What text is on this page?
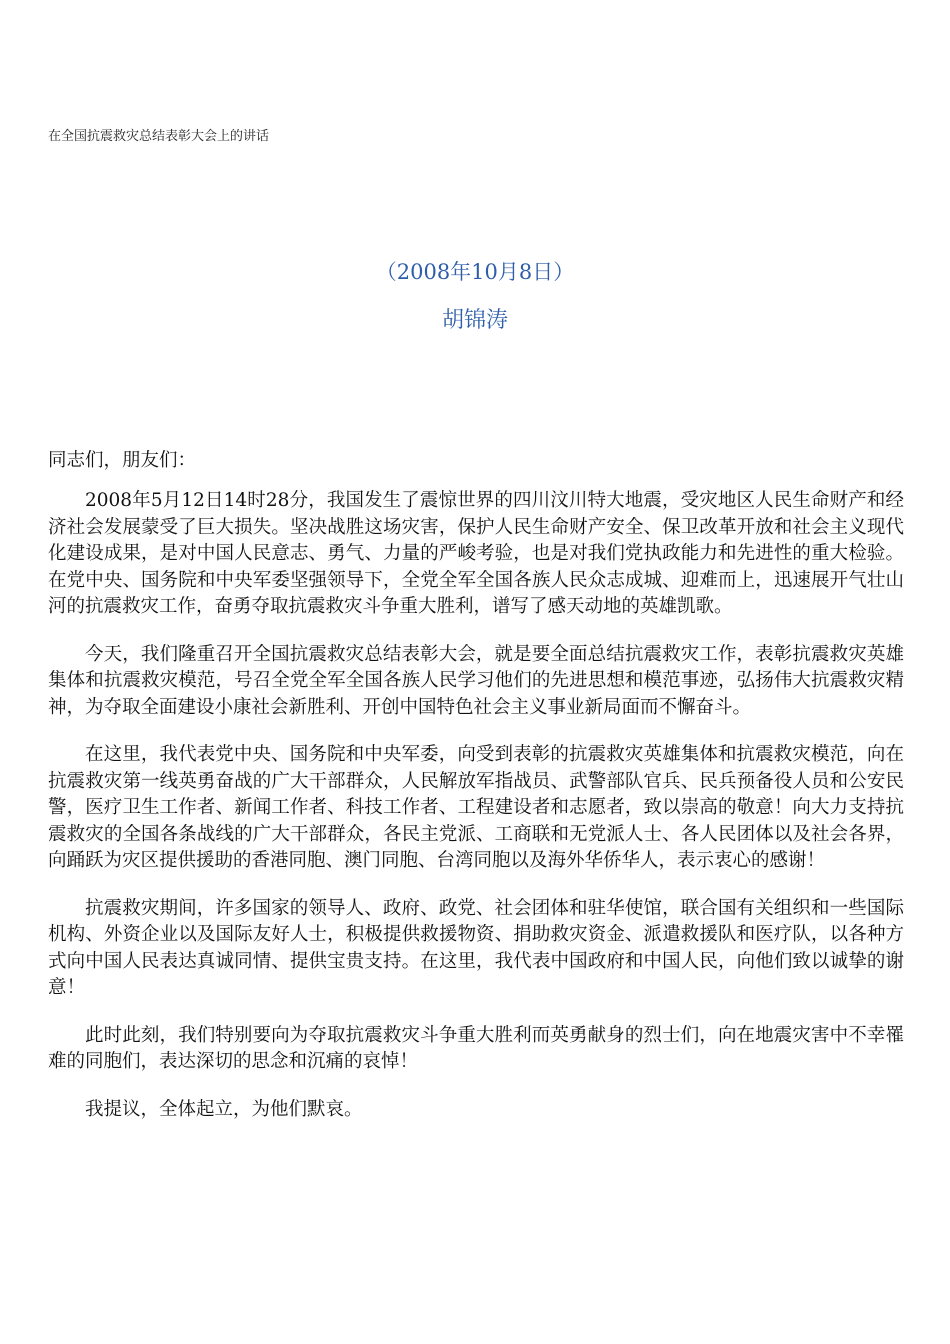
在全国抗震救灾总结表彰大会上的讲话
（2008年10月8日）
胡锦涛
同志们，朋友们：

2008年5月12日14时28分，我国发生了震惊世界的四川汶川特大地震，受灾地区人民生命财产和经济社会发展蒙受了巨大损失。坚决战胜这场灾害，保护人民生命财产安全、保卫改革开放和社会主义现代化建设成果，是对中国人民意志、勇气、力量的严峻考验，也是对我们党执政能力和先进性的重大检验。在党中央、国务院和中央军委坚强领导下，全党全军全国各族人民众志成城、迎难而上，迅速展开气壮山河的抗震救灾工作，奋勇夺取抗震救灾斗争重大胜利，谱写了感天动地的英雄凯歌。

今天，我们隆重召开全国抗震救灾总结表彰大会，就是要全面总结抗震救灾工作，表彰抗震救灾英雄集体和抗震救灾模范，号召全党全军全国各族人民学习他们的先进思想和模范事迹，弘扬伟大抗震救灾精神，为夺取全面建设小康社会新胜利、开创中国特色社会主义事业新局面而不懈奋斗。

在这里，我代表党中央、国务院和中央军委，向受到表彰的抗震救灾英雄集体和抗震救灾模范，向在抗震救灾第一线英勇奋战的广大干部群众，人民解放军指战员、武警部队官兵、民兵预备役人员和公安民警，医疗卫生工作者、新闻工作者、科技工作者、工程建设者和志愿者，致以崇高的敬意！向大力支持抗震救灾的全国各条战线的广大干部群众，各民主党派、工商联和无党派人士、各人民团体以及社会各界，向踊跃为灾区提供援助的香港同胞、澳门同胞、台湾同胞以及海外华侨华人，表示衷心的感谢！

抗震救灾期间，许多国家的领导人、政府、政党、社会团体和驻华使馆，联合国有关组织和一些国际机构、外资企业以及国际友好人士，积极提供救援物资、捐助救灾资金、派遣救援队和医疗队，以各种方式向中国人民表达真诚同情、提供宝贵支持。在这里，我代表中国政府和中国人民，向他们致以诚挚的谢意！

此时此刻，我们特别要向为夺取抗震救灾斗争重大胜利而英勇献身的烈士们，向在地震灾害中不幸罹难的同胞们，表达深切的思念和沉痛的哀悼！

我提议，全体起立，为他们默哀。
